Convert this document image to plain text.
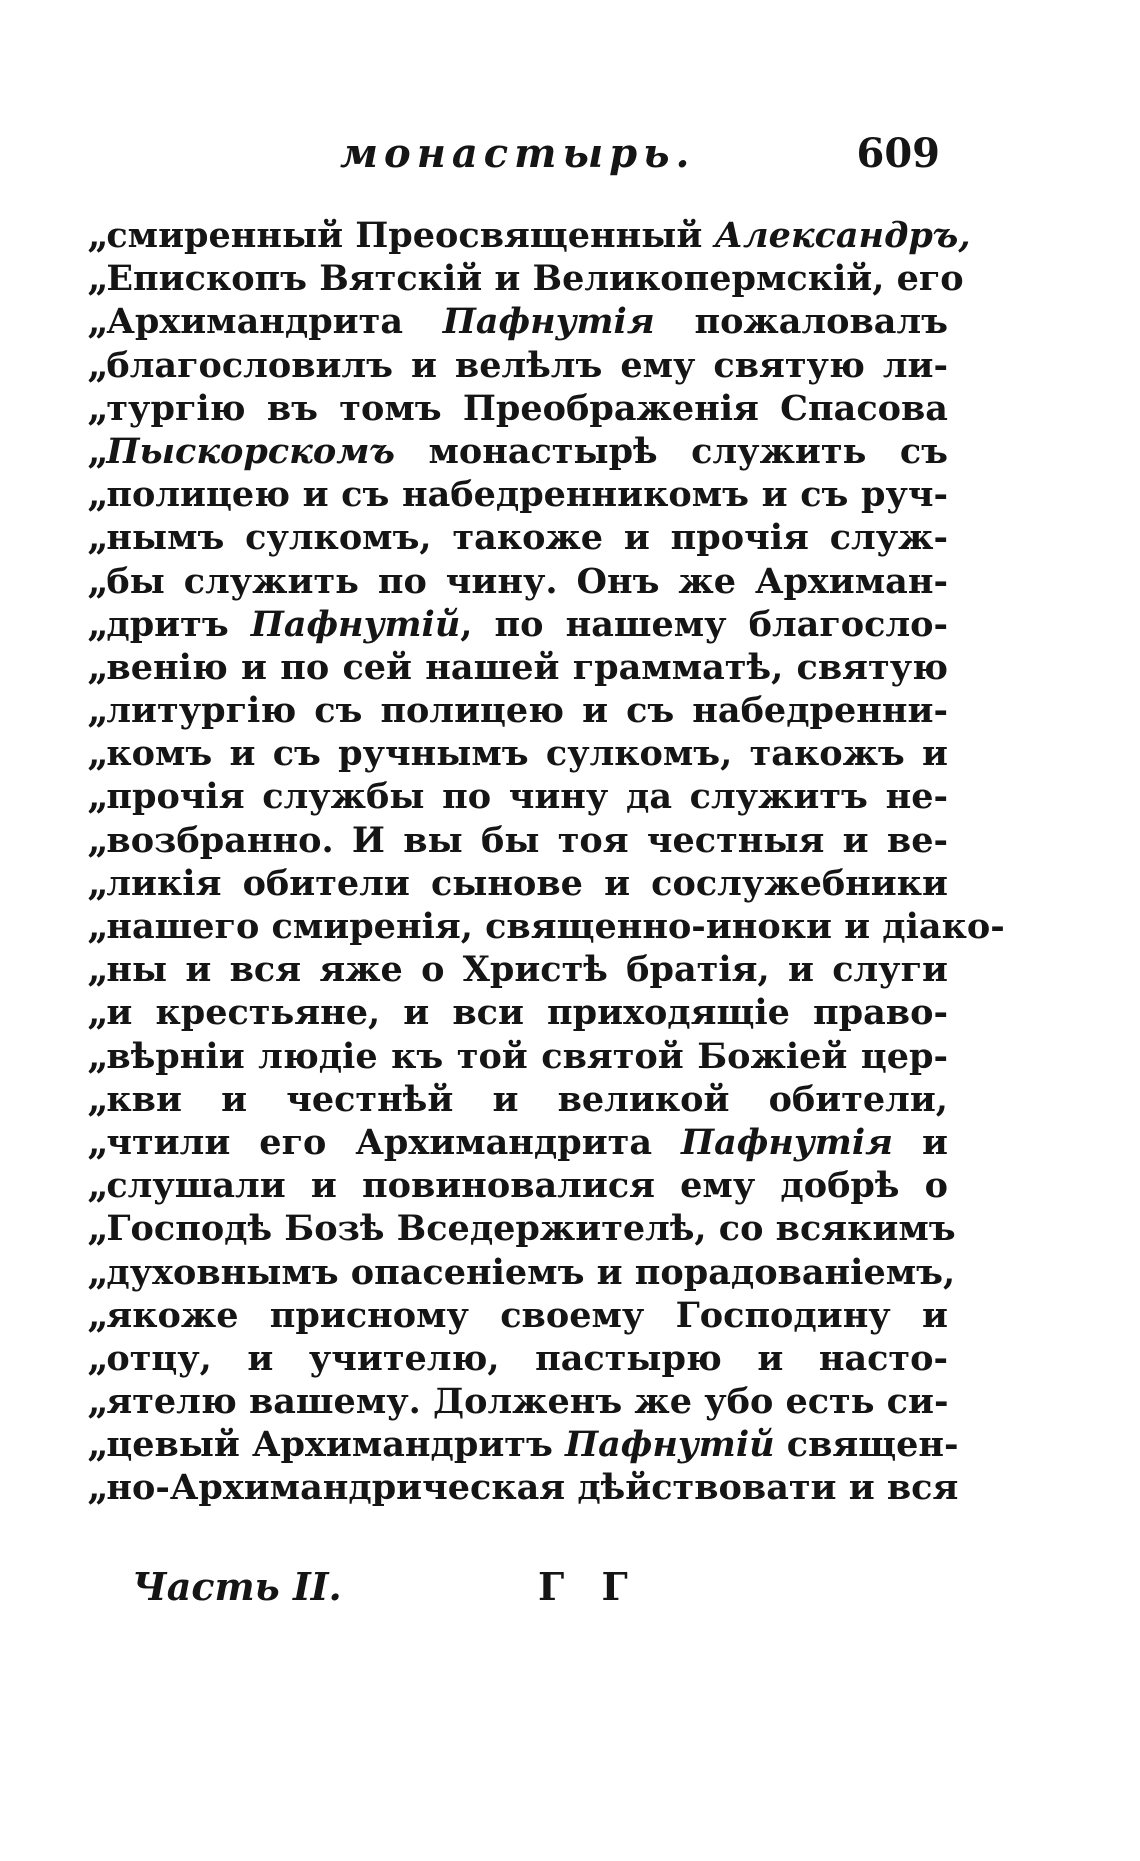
монастырь.	609
,,смиренный Преосвященный Александръ,
,,Епископъ Вятскій и Великопермскій, его
,,Архимандрита Пафнутія пожаловалъ
,,благословилъ и велѣлъ ему святую ли-
,,тургію въ томъ Преображенія Спасова
,,Пыскорскомъ монастырѣ служить съ
,,полицею и съ набедренникомъ и съ руч-
,,нымъ сулкомъ, такоже и прочія служ-
,,бы служить по чину. Онъ же Архиман-
,,дритъ Пафнутій, по нашему благосло-
,,венію и по сей нашей грамматѣ, святую
,,литургію съ полицею и съ набедренни-
,,комъ и съ ручнымъ сулкомъ, такожъ и
,,прочія службы по чину да служитъ не-
,,возбранно. И вы бы тоя честныя и ве-
,,ликія обители сынове и сослужебники
,,нашего смиренія, священно-иноки и діако-
,,ны и вся яже о Христѣ братія, и слуги
,,и крестьяне, и вси приходящіе право-
,,вѣрніи людіе къ той святой Божіей цер-
,,кви и честнѣй и великой обители,
,,чтили его Архимандрита Пафнутія и
,,слушали и повиновалися ему добрѣ о
,,Господѣ Бозѣ Вседержителѣ, со всякимъ
,,духовнымъ опасеніемъ и порадованіемъ,
,,якоже присному своему Господину и
,,отцу, и учителю, пастырю и насто-
,,ятелю вашему. Долженъ же убо есть си-
,,цевый Архимандритъ Пафнутій священ-
,,но-Архимандрическая дѣйствовати и вся
Часть II.	Г Г
